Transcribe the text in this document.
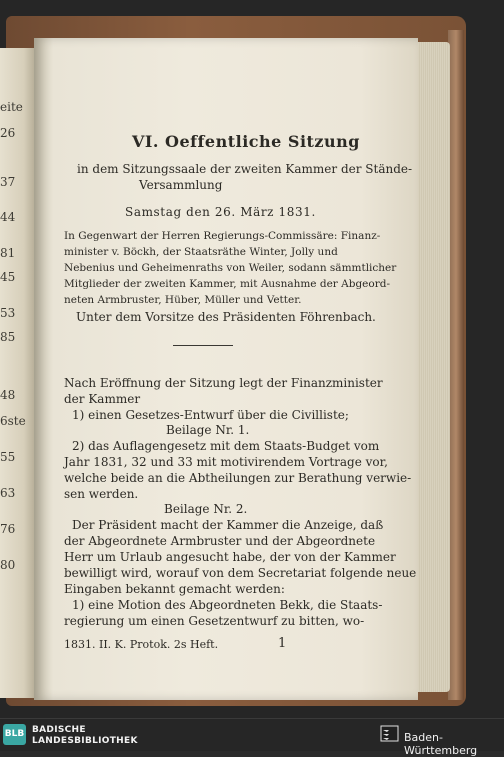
eite
26
37
44
81
45
53
85
48
6ste
55
63
76
80
VI. Oeffentliche Sitzung
in dem Sitzungssaale der zweiten Kammer der Stände-
Versammlung
Samstag den 26. März 1831.
In Gegenwart der Herren Regierungs-Commissäre: Finanz-
minister v. Böckh, der Staatsräthe Winter, Jolly und
Nebenius und Geheimenraths von Weiler, sodann sämmtlicher
Mitglieder der zweiten Kammer, mit Ausnahme der Abgeord-
neten Armbruster, Hüber, Müller und Vetter.
Unter dem Vorsitze des Präsidenten Föhrenbach.
Nach Eröffnung der Sitzung legt der Finanzminister
der Kammer
1) einen Gesetzes-Entwurf über die Civilliste;
Beilage Nr. 1.
2) das Auflagengesetz mit dem Staats-Budget vom
Jahr 1831, 32 und 33 mit motivirendem Vortrage vor,
welche beide an die Abtheilungen zur Berathung verwie-
sen werden.
Beilage Nr. 2.
Der Präsident macht der Kammer die Anzeige, daß
der Abgeordnete Armbruster und der Abgeordnete
Herr um Urlaub angesucht habe, der von der Kammer
bewilligt wird, worauf von dem Secretariat folgende neue
Eingaben bekannt gemacht werden:
1) eine Motion des Abgeordneten Bekk, die Staats-
regierung um einen Gesetzentwurf zu bitten, wo-
1831. II. K. Protok. 2s Heft.	1
BLB BADISCHE
LANDESBIBLIOTHEK	Baden-Württemberg
